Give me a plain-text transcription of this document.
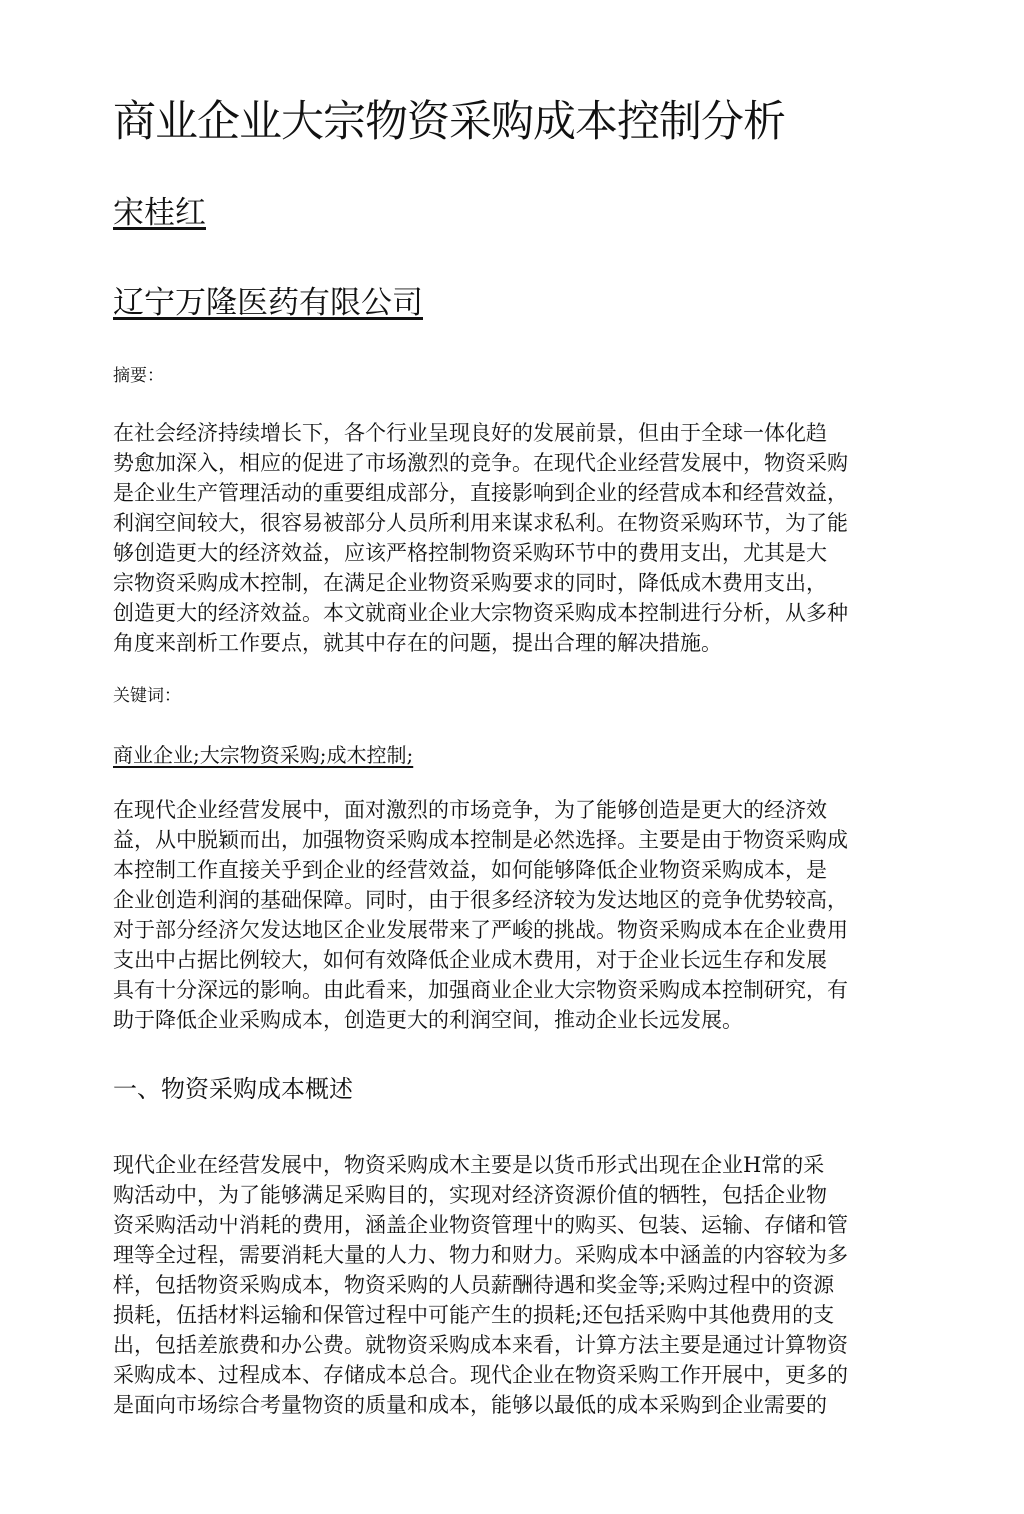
商业企业大宗物资采购成本控制分析
宋桂红
辽宁万隆医药有限公司
摘要：
在社会经济持续增长下，各个行业呈现良好的发展前景，但由于全球一体化趋
势愈加深入，相应的促进了市场激烈的竞争。在现代企业经营发展中，物资采购
是企业生产管理活动的重要组成部分，直接影响到企业的经营成本和经营效益，
利润空间较大，很容易被部分人员所利用来谋求私利。在物资采购环节，为了能
够创造更大的经济效益，应该严格控制物资采购环节中的费用支出，尤其是大
宗物资采购成木控制，在满足企业物资采购要求的同时，降低成木费用支出，
创造更大的经济效益。本文就商业企业大宗物资采购成本控制进行分析，从多种
角度来剖析工作要点，就其中存在的问题，提出合理的解决措施。
关键词：
商业企业;大宗物资采购;成木控制;
在现代企业经营发展中，面对激烈的市场竞争，为了能够创造是更大的经济效
益，从中脱颖而出，加强物资采购成本控制是必然选择。主要是由于物资采购成
本控制工作直接关乎到企业的经营效益，如何能够降低企业物资采购成本，是
企业创造利润的基础保障。同时，由于很多经济较为发达地区的竞争优势较高，
对于部分经济欠发达地区企业发展带来了严峻的挑战。物资采购成本在企业费用
支出中占据比例较大，如何有效降低企业成木费用，对于企业长远生存和发展
具有十分深远的影响。由此看来，加强商业企业大宗物资采购成本控制研究，有
助于降低企业采购成本，创造更大的利润空间，推动企业长远发展。
一、物资采购成本概述
现代企业在经营发展中，物资采购成木主要是以货币形式出现在企业H常的采
购活动中，为了能够满足采购目的，实现对经济资源价值的牺牲，包括企业物
资采购活动屮消耗的费用，涵盖企业物资管理屮的购买、包装、运输、存储和管
理等全过程，需要消耗大量的人力、物力和财力。采购成本中涵盖的内容较为多
样，包括物资采购成本，物资采购的人员薪酬待遇和奖金等;采购过程中的资源
损耗，伍括材料运输和保管过程中可能产生的损耗;还包括采购中其他费用的支
出，包括差旅费和办公费。就物资采购成本来看，计算方法主要是通过计算物资
采购成本、过程成本、存储成本总合。现代企业在物资采购工作开展中，更多的
是面向市场综合考量物资的质量和成本，能够以最低的成本采购到企业需要的
